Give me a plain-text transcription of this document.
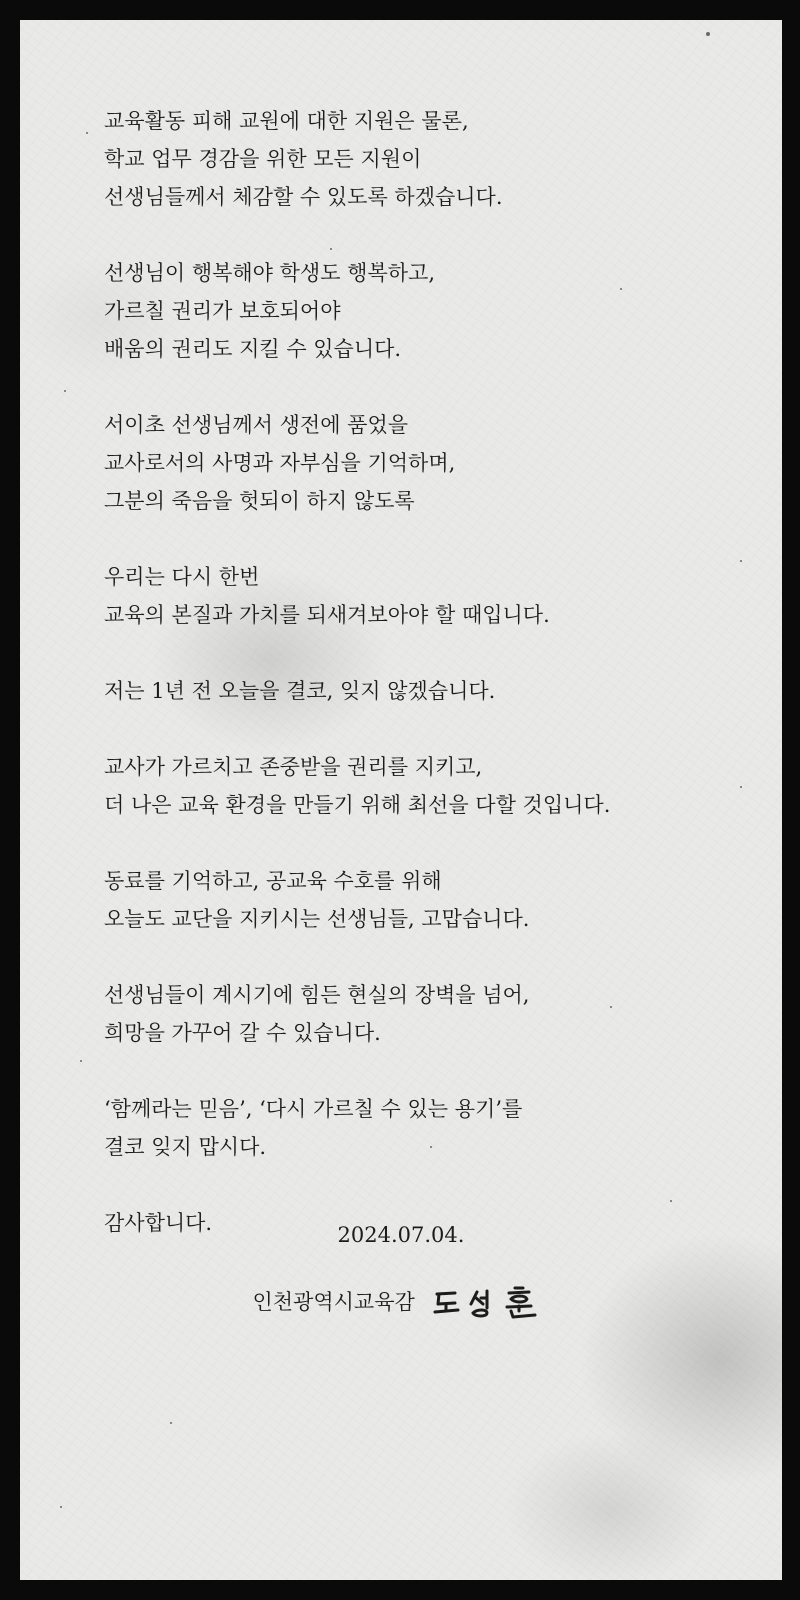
교육활동 피해 교원에 대한 지원은 물론,
학교 업무 경감을 위한 모든 지원이
선생님들께서 체감할 수 있도록 하겠습니다.
선생님이 행복해야 학생도 행복하고,
가르칠 권리가 보호되어야
배움의 권리도 지킬 수 있습니다.
서이초 선생님께서 생전에 품었을
교사로서의 사명과 자부심을 기억하며,
그분의 죽음을 헛되이 하지 않도록
우리는 다시 한번
교육의 본질과 가치를 되새겨보아야 할 때입니다.
저는 1년 전 오늘을 결코, 잊지 않겠습니다.
교사가 가르치고 존중받을 권리를 지키고,
더 나은 교육 환경을 만들기 위해 최선을 다할 것입니다.
동료를 기억하고, 공교육 수호를 위해
오늘도 교단을 지키시는 선생님들, 고맙습니다.
선생님들이 계시기에 힘든 현실의 장벽을 넘어,
희망을 가꾸어 갈 수 있습니다.
‘함께라는 믿음’, ‘다시 가르칠 수 있는 용기’를
결코 잊지 맙시다.
감사합니다.	2024.07.04.
인천광역시교육감
